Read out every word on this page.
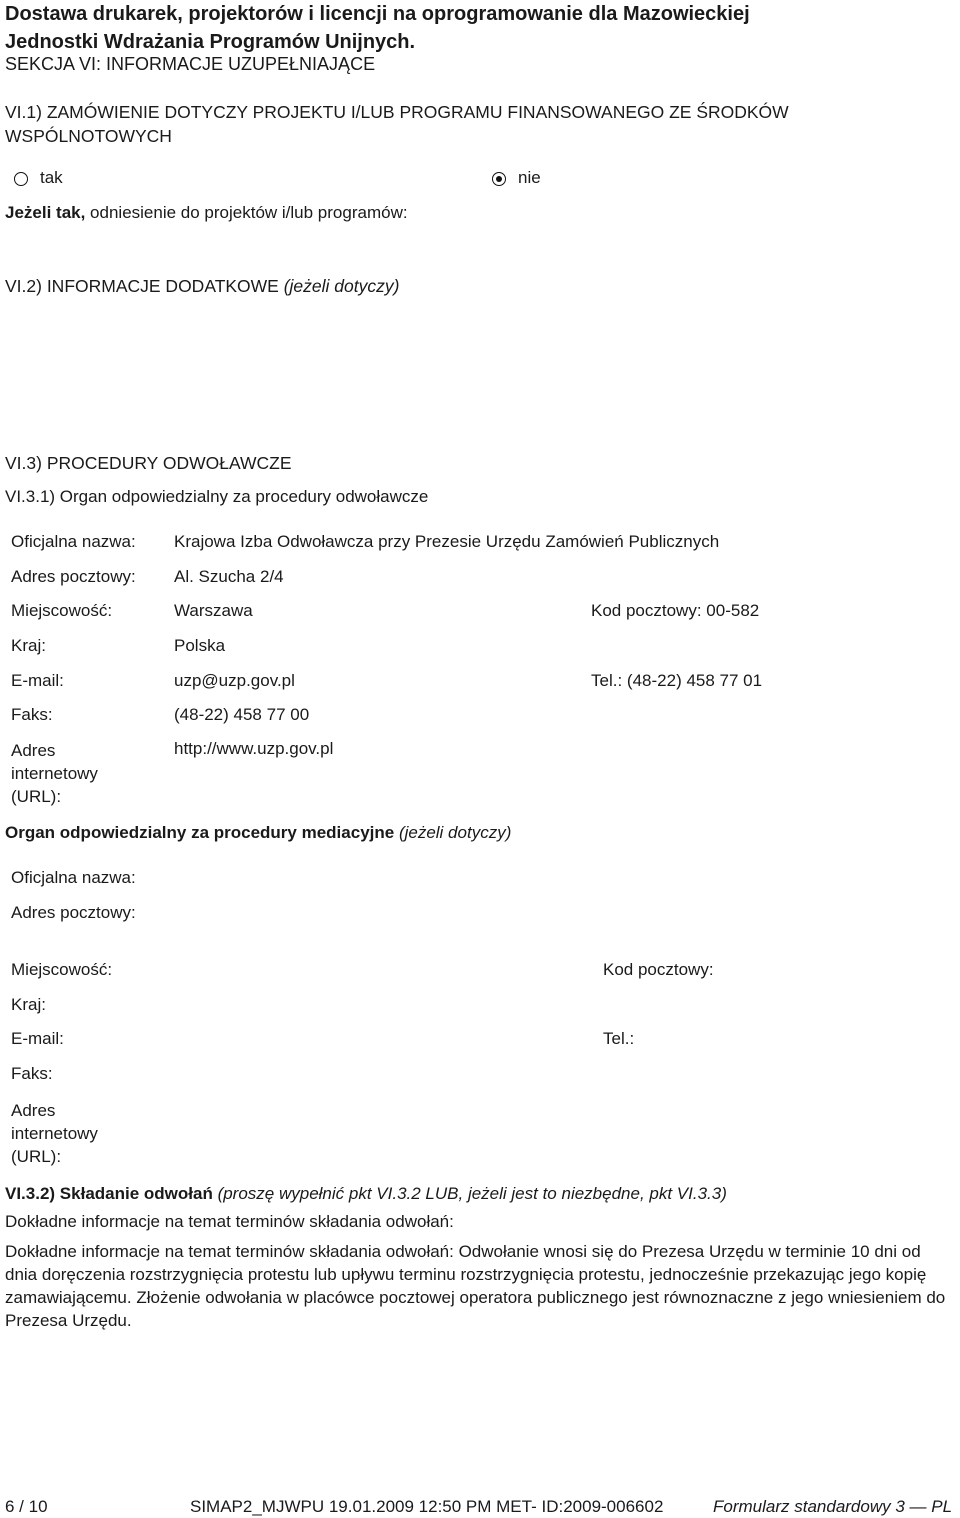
Dostawa drukarek, projektorów i licencji na oprogramowanie dla Mazowieckiej
Jednostki Wdrażania Programów Unijnych.
SEKCJA VI: INFORMACJE UZUPEŁNIAJĄCE
VI.1) ZAMÓWIENIE DOTYCZY PROJEKTU I/LUB PROGRAMU FINANSOWANEGO ZE ŚRODKÓW
WSPÓLNOTOWYCH
tak	nie
Jeżeli tak, odniesienie do projektów i/lub programów:
VI.2) INFORMACJE DODATKOWE (jeżeli dotyczy)
VI.3) PROCEDURY ODWOŁAWCZE
VI.3.1) Organ odpowiedzialny za procedury odwoławcze
Oficjalna nazwa: Krajowa Izba Odwoławcza przy Prezesie Urzędu Zamówień Publicznych
Adres pocztowy: Al. Szucha 2/4
Miejscowość:	Warszawa	Kod pocztowy: 00-582
Kraj:	Polska
E-mail:	uzp@uzp.gov.pl	Tel.: (48-22) 458 77 01
Faks:	(48-22) 458 77 00
Adres
internetowy
(URL):
http://www.uzp.gov.pl
Organ odpowiedzialny za procedury mediacyjne (jeżeli dotyczy)
Oficjalna nazwa:
Adres pocztowy:
Miejscowość:	Kod pocztowy:
Kraj:
E-mail:	Tel.:
Faks:
Adres
internetowy
(URL):
VI.3.2) Składanie odwołań (proszę wypełnić pkt VI.3.2 LUB, jeżeli jest to niezbędne, pkt VI.3.3)
Dokładne informacje na temat terminów składania odwołań:
Dokładne informacje na temat terminów składania odwołań: Odwołanie wnosi się do Prezesa Urzędu w terminie 10 dni od dnia doręczenia rozstrzygnięcia protestu lub upływu terminu rozstrzygnięcia protestu, jednocześnie przekazując jego kopię zamawiającemu. Złożenie odwołania w placówce pocztowej operatora publicznego jest równoznaczne z jego wniesieniem do Prezesa Urzędu.
6 / 10	SIMAP2_MJWPU 19.01.2009 12:50 PM MET- ID:2009-006602	Formularz standardowy 3 — PL
